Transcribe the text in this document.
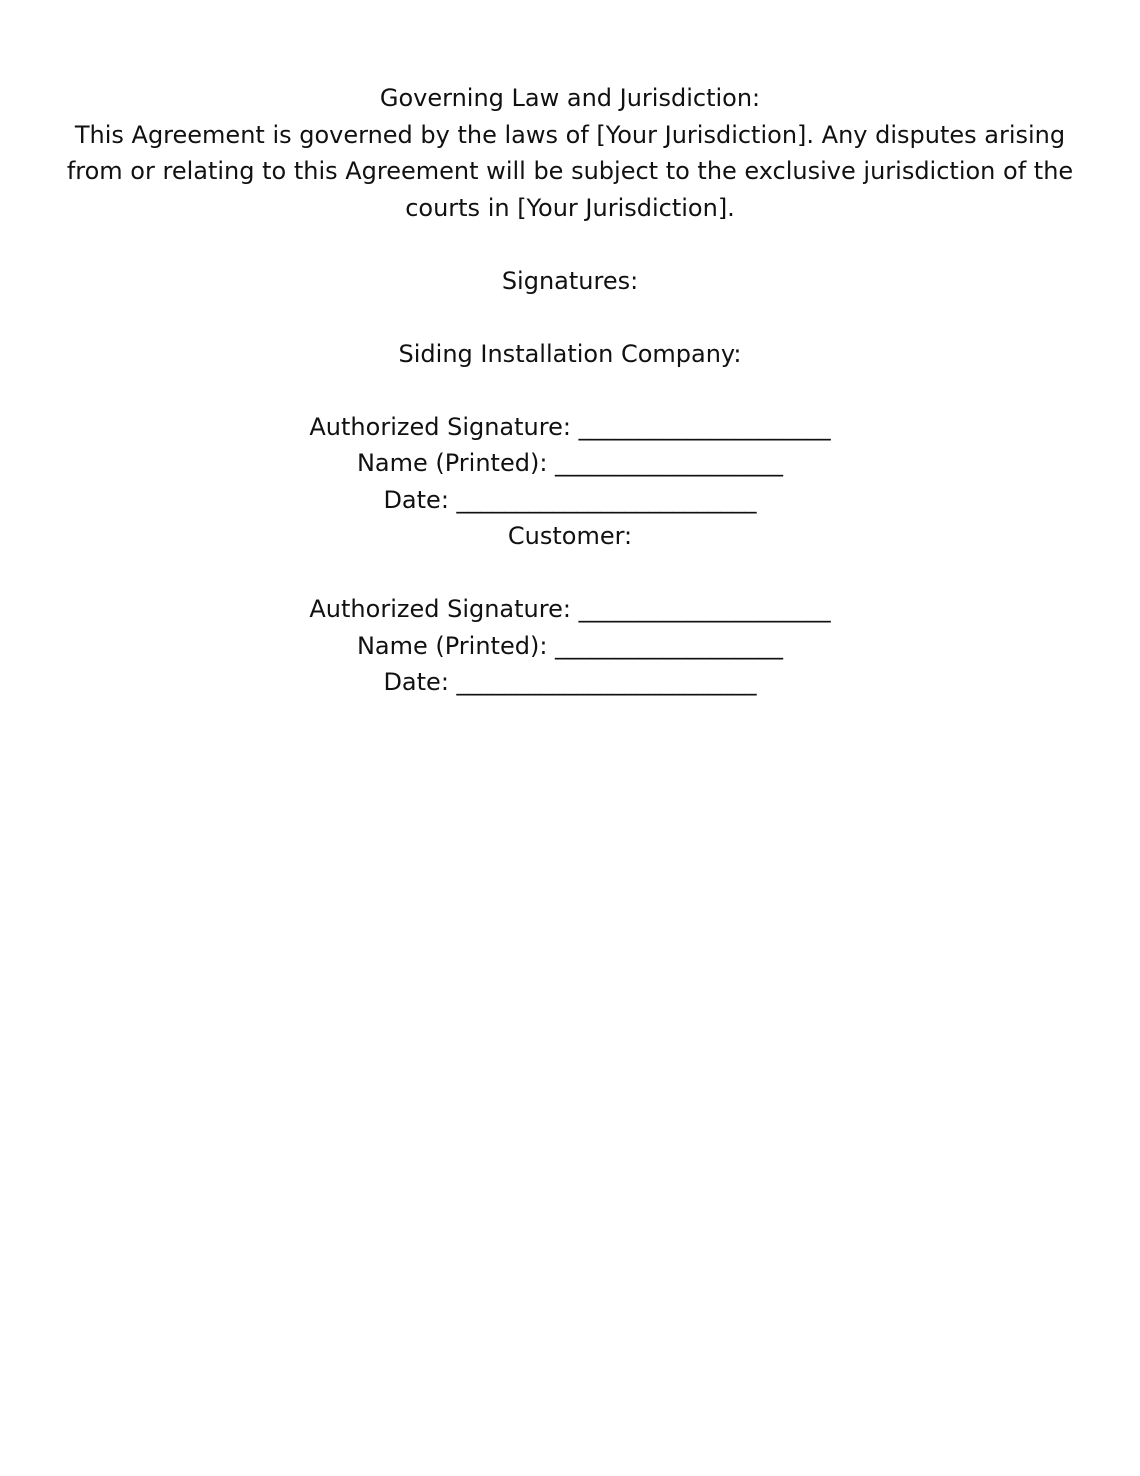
Governing Law and Jurisdiction:

This Agreement is governed by the laws of [Your Jurisdiction]. Any disputes arising

from or relating to this Agreement will be subject to the exclusive jurisdiction of the

courts in [Your Jurisdiction].

Signatures:

Siding Installation Company:

Authorized Signature: _____________________

Name (Printed): ___________________

Date: _________________________

Customer:

Authorized Signature: _____________________

Name (Printed): ___________________

Date: _________________________
